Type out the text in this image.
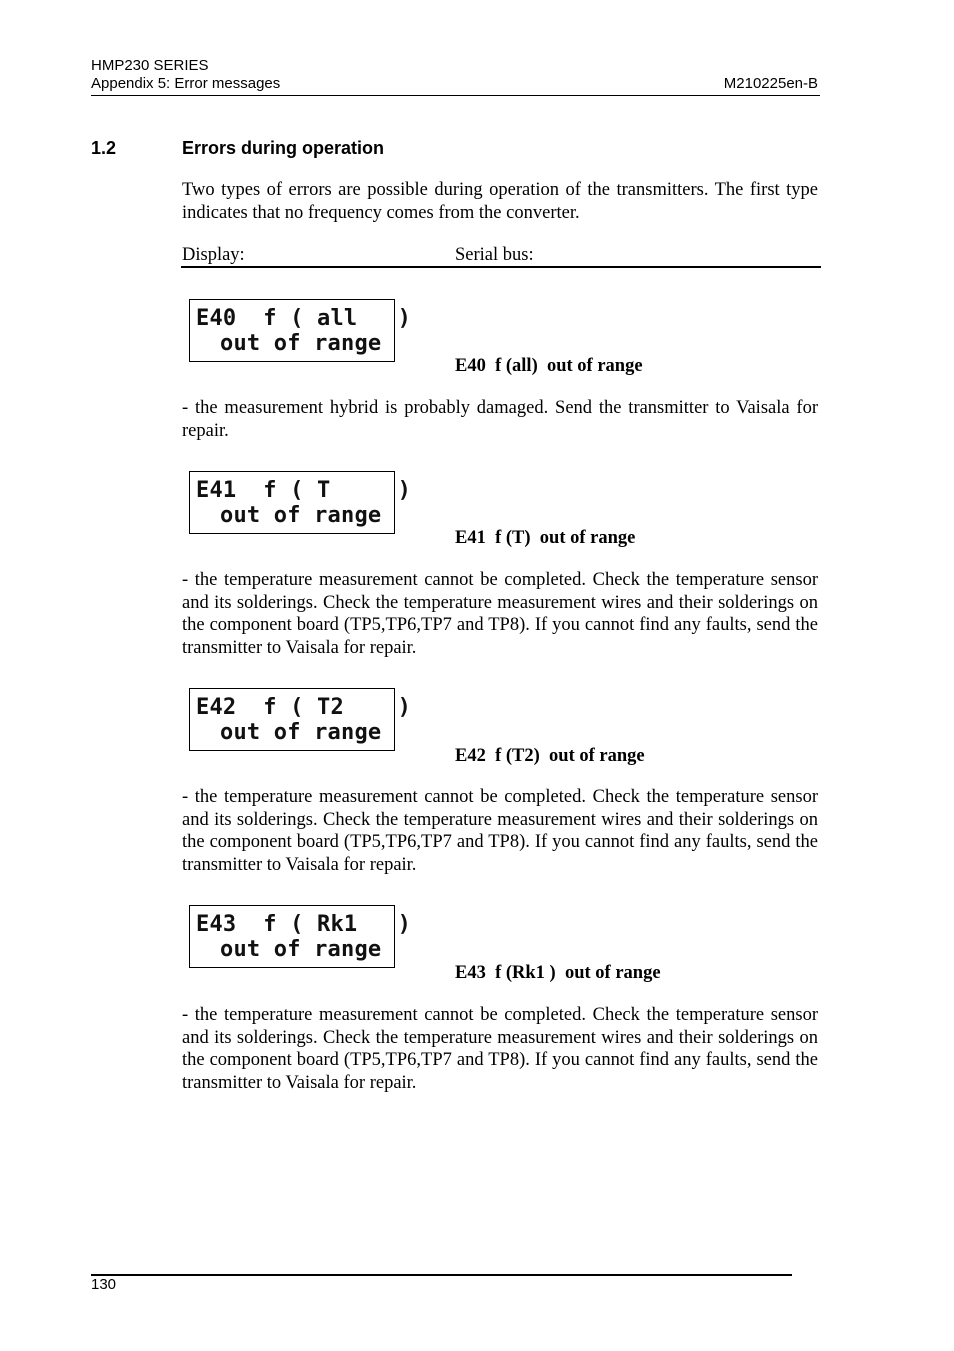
HMP230 SERIES
Appendix 5: Error messages	M210225en-B
1.2	Errors during operation

Two types of errors are possible during operation of the transmitters. The first type indicates that no frequency comes from the converter.

Display:	Serial bus:
E40  f ( all   )
out of range
E40  f (all)  out of range

- the measurement hybrid is probably damaged. Send the transmitter to Vaisala for repair.

E41  f ( T     )
out of range
E41  f (T)  out of range

- the temperature measurement cannot be completed. Check the temperature sensor and its solderings. Check the temperature measurement wires and their solderings on the component board (TP5,TP6,TP7 and TP8). If you cannot find any faults, send the transmitter to Vaisala for repair.

E42  f ( T2    )
out of range
E42  f (T2)  out of range

- the temperature measurement cannot be completed. Check the temperature sensor and its solderings. Check the temperature measurement wires and their solderings on the component board (TP5,TP6,TP7 and TP8). If you cannot find any faults, send the transmitter to Vaisala for repair.

E43  f ( Rk1   )
out of range
E43  f (Rk1 )  out of range

- the temperature measurement cannot be completed. Check the temperature sensor and its solderings. Check the temperature measurement wires and their solderings on the component board (TP5,TP6,TP7 and TP8). If you cannot find any faults, send the transmitter to Vaisala for repair.

130
